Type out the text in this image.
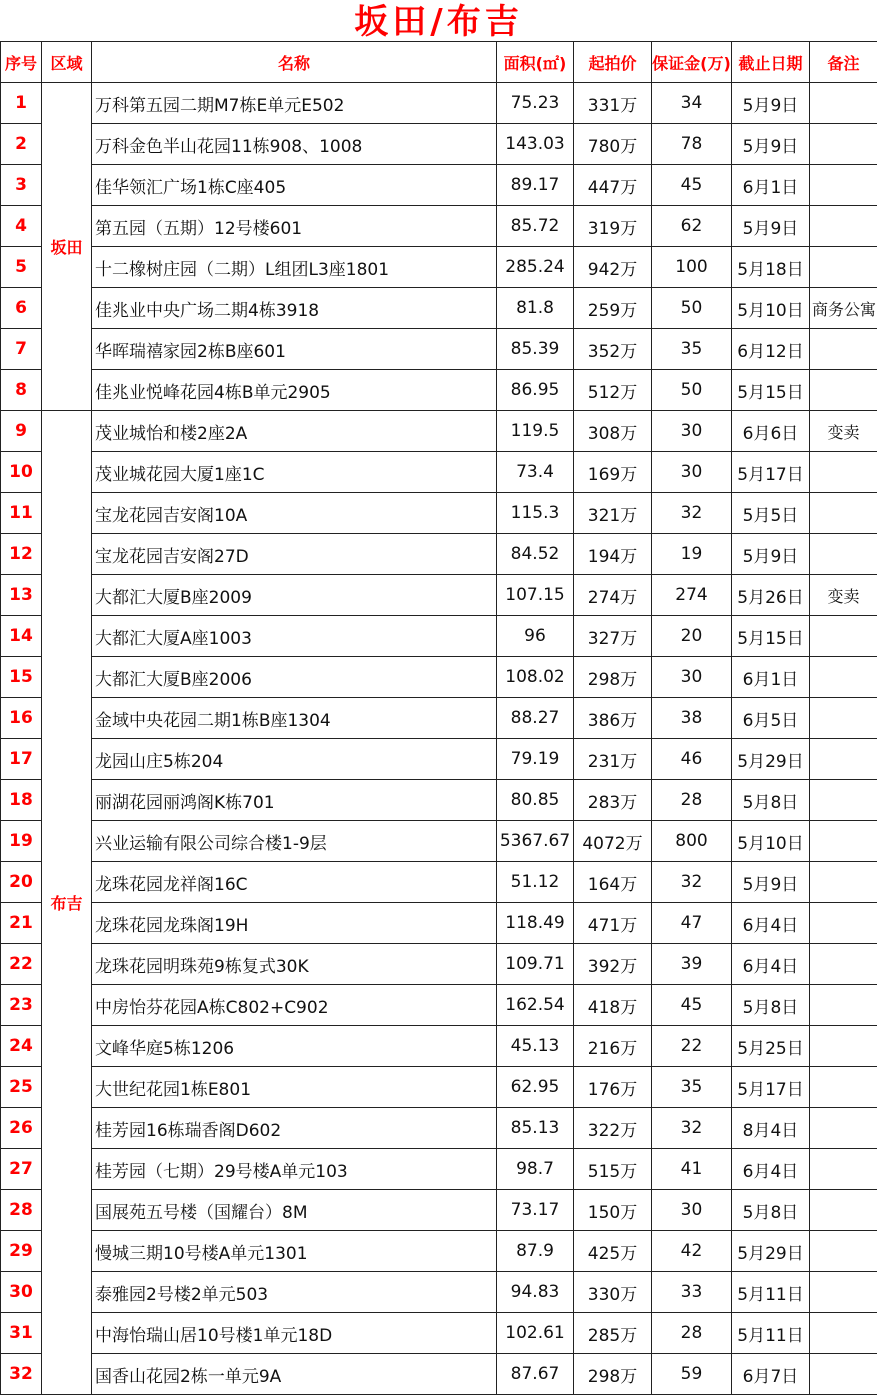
坂田/布吉
序号	区域	名称	面积(㎡)	起拍价	保证金(万)	截止日期	备注
1	坂田	万科第五园二期M7栋E单元E502	75.23	331万	34	5月9日	
2		万科金色半山花园11栋908、1008	143.03	780万	78	5月9日	
3		佳华领汇广场1栋C座405	89.17	447万	45	6月1日	
4		第五园（五期）12号楼601	85.72	319万	62	5月9日	
5		十二橡树庄园（二期）L组团L3座1801	285.24	942万	100	5月18日	
6		佳兆业中央广场二期4栋3918	81.8	259万	50	5月10日	商务公寓
7		华晖瑞禧家园2栋B座601	85.39	352万	35	6月12日	
8		佳兆业悦峰花园4栋B单元2905	86.95	512万	50	5月15日	
9	布吉	茂业城怡和楼2座2A	119.5	308万	30	6月6日	变卖
10		茂业城花园大厦1座1C	73.4	169万	30	5月17日	
11		宝龙花园吉安阁10A	115.3	321万	32	5月5日	
12		宝龙花园吉安阁27D	84.52	194万	19	5月9日	
13		大都汇大厦B座2009	107.15	274万	274	5月26日	变卖
14		大都汇大厦A座1003	96	327万	20	5月15日	
15		大都汇大厦B座2006	108.02	298万	30	6月1日	
16		金域中央花园二期1栋B座1304	88.27	386万	38	6月5日	
17		龙园山庄5栋204	79.19	231万	46	5月29日	
18		丽湖花园丽鸿阁K栋701	80.85	283万	28	5月8日	
19		兴业运输有限公司综合楼1-9层	5367.67	4072万	800	5月10日	
20		龙珠花园龙祥阁16C	51.12	164万	32	5月9日	
21		龙珠花园龙珠阁19H	118.49	471万	47	6月4日	
22		龙珠花园明珠苑9栋复式30K	109.71	392万	39	6月4日	
23		中房怡芬花园A栋C802+C902	162.54	418万	45	5月8日	
24		文峰华庭5栋1206	45.13	216万	22	5月25日	
25		大世纪花园1栋E801	62.95	176万	35	5月17日	
26		桂芳园16栋瑞香阁D602	85.13	322万	32	8月4日	
27		桂芳园（七期）29号楼A单元103	98.7	515万	41	6月4日	
28		国展苑五号楼（国耀台）8M	73.17	150万	30	5月8日	
29		慢城三期10号楼A单元1301	87.9	425万	42	5月29日	
30		泰雅园2号楼2单元503	94.83	330万	33	5月11日	
31		中海怡瑞山居10号楼1单元18D	102.61	285万	28	5月11日	
32		国香山花园2栋一单元9A	87.67	298万	59	6月7日	
